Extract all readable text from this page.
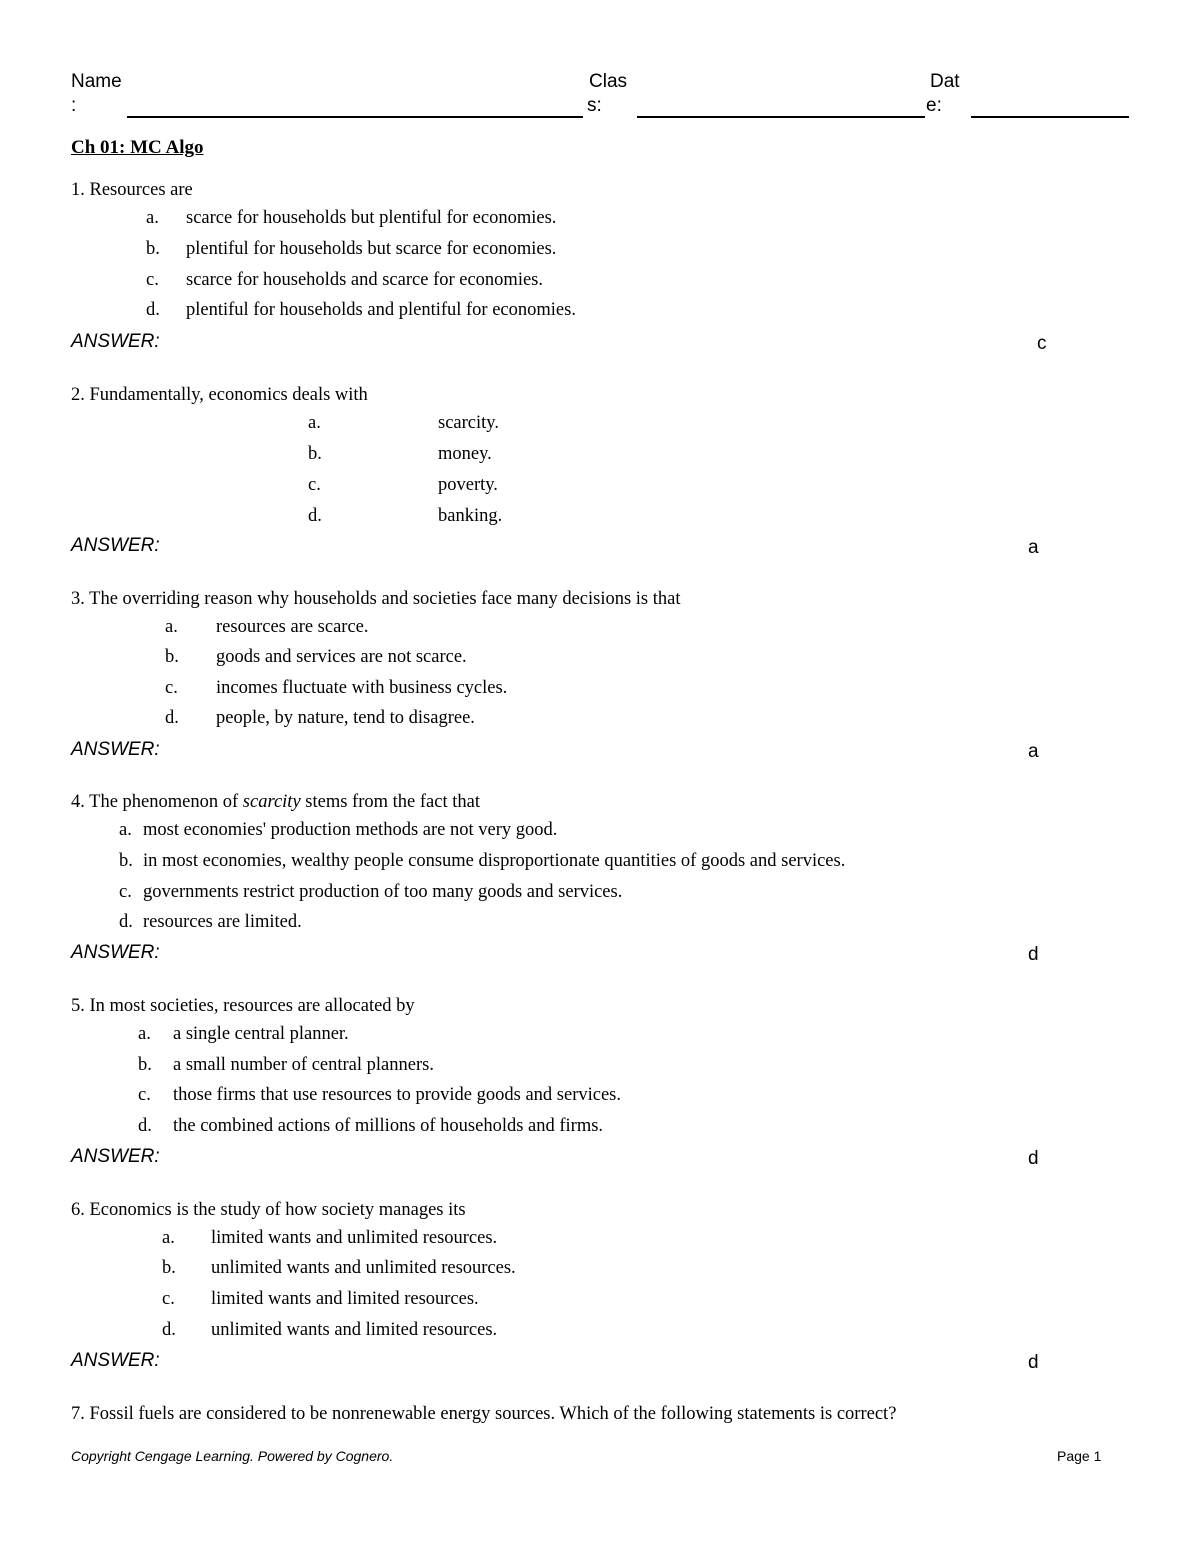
Name
:
Clas
s:
Dat
e:
Ch 01: MC Algo
1. Resources are
a. scarce for households but plentiful for economies.
b. plentiful for households but scarce for economies.
c. scarce for households and scarce for economies.
d. plentiful for households and plentiful for economies.
ANSWER:	c
2. Fundamentally, economics deals with
a.	scarcity.
b.	money.
c.	poverty.
d.	banking.
ANSWER:	a
3. The overriding reason why households and societies face many decisions is that
a. resources are scarce.
b. goods and services are not scarce.
c. incomes fluctuate with business cycles.
d. people, by nature, tend to disagree.
ANSWER:	a
4. The phenomenon of scarcity stems from the fact that
a. most economies' production methods are not very good.
b. in most economies, wealthy people consume disproportionate quantities of goods and services.
c. governments restrict production of too many goods and services.
d. resources are limited.
ANSWER:	d
5. In most societies, resources are allocated by
a. a single central planner.
b. a small number of central planners.
c. those firms that use resources to provide goods and services.
d. the combined actions of millions of households and firms.
ANSWER:	d
6. Economics is the study of how society manages its
a. limited wants and unlimited resources.
b. unlimited wants and unlimited resources.
c. limited wants and limited resources.
d. unlimited wants and limited resources.
ANSWER:	d
7. Fossil fuels are considered to be nonrenewable energy sources. Which of the following statements is correct?
Copyright Cengage Learning. Powered by Cognero.	Page 1
